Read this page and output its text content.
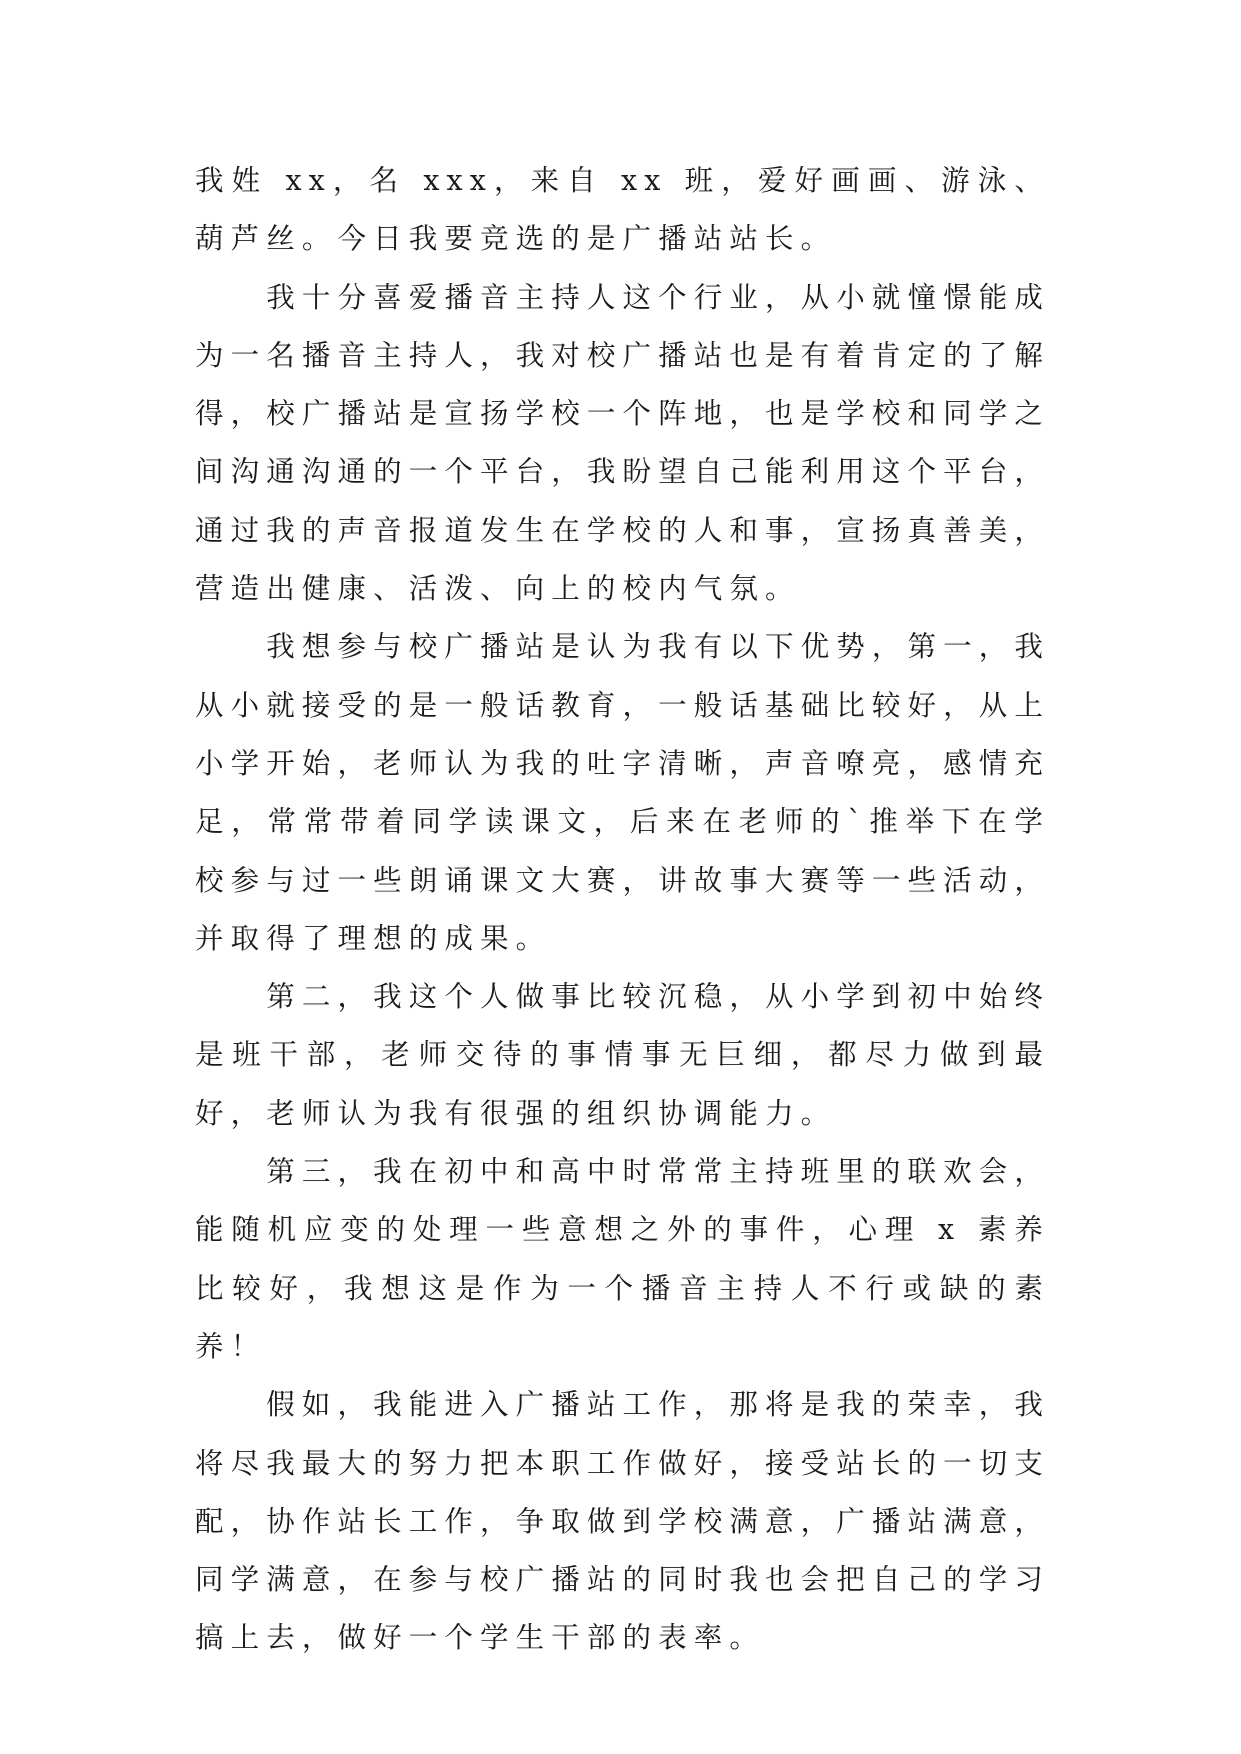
我姓 xx，名 xxx，来自 xx 班，爱好画画、游泳、葫芦丝。今日我要竞选的是广播站站长。

我十分喜爱播音主持人这个行业，从小就憧憬能成为一名播音主持人，我对校广播站也是有着肯定的了解得，校广播站是宣扬学校一个阵地，也是学校和同学之间沟通沟通的一个平台，我盼望自己能利用这个平台，通过我的声音报道发生在学校的人和事，宣扬真善美，营造出健康、活泼、向上的校内气氛。

我想参与校广播站是认为我有以下优势，第一，我从小就接受的是一般话教育，一般话基础比较好，从上小学开始，老师认为我的吐字清晰，声音嘹亮，感情充足，常常带着同学读课文，后来在老师的`推举下在学校参与过一些朗诵课文大赛，讲故事大赛等一些活动，并取得了理想的成果。

第二，我这个人做事比较沉稳，从小学到初中始终是班干部，老师交待的事情事无巨细，都尽力做到最好，老师认为我有很强的组织协调能力。

第三，我在初中和高中时常常主持班里的联欢会，能随机应变的处理一些意想之外的事件，心理 x 素养比较好，我想这是作为一个播音主持人不行或缺的素养！

假如，我能进入广播站工作，那将是我的荣幸，我将尽我最大的努力把本职工作做好，接受站长的一切支配，协作站长工作，争取做到学校满意，广播站满意，同学满意，在参与校广播站的同时我也会把自己的学习搞上去，做好一个学生干部的表率。
